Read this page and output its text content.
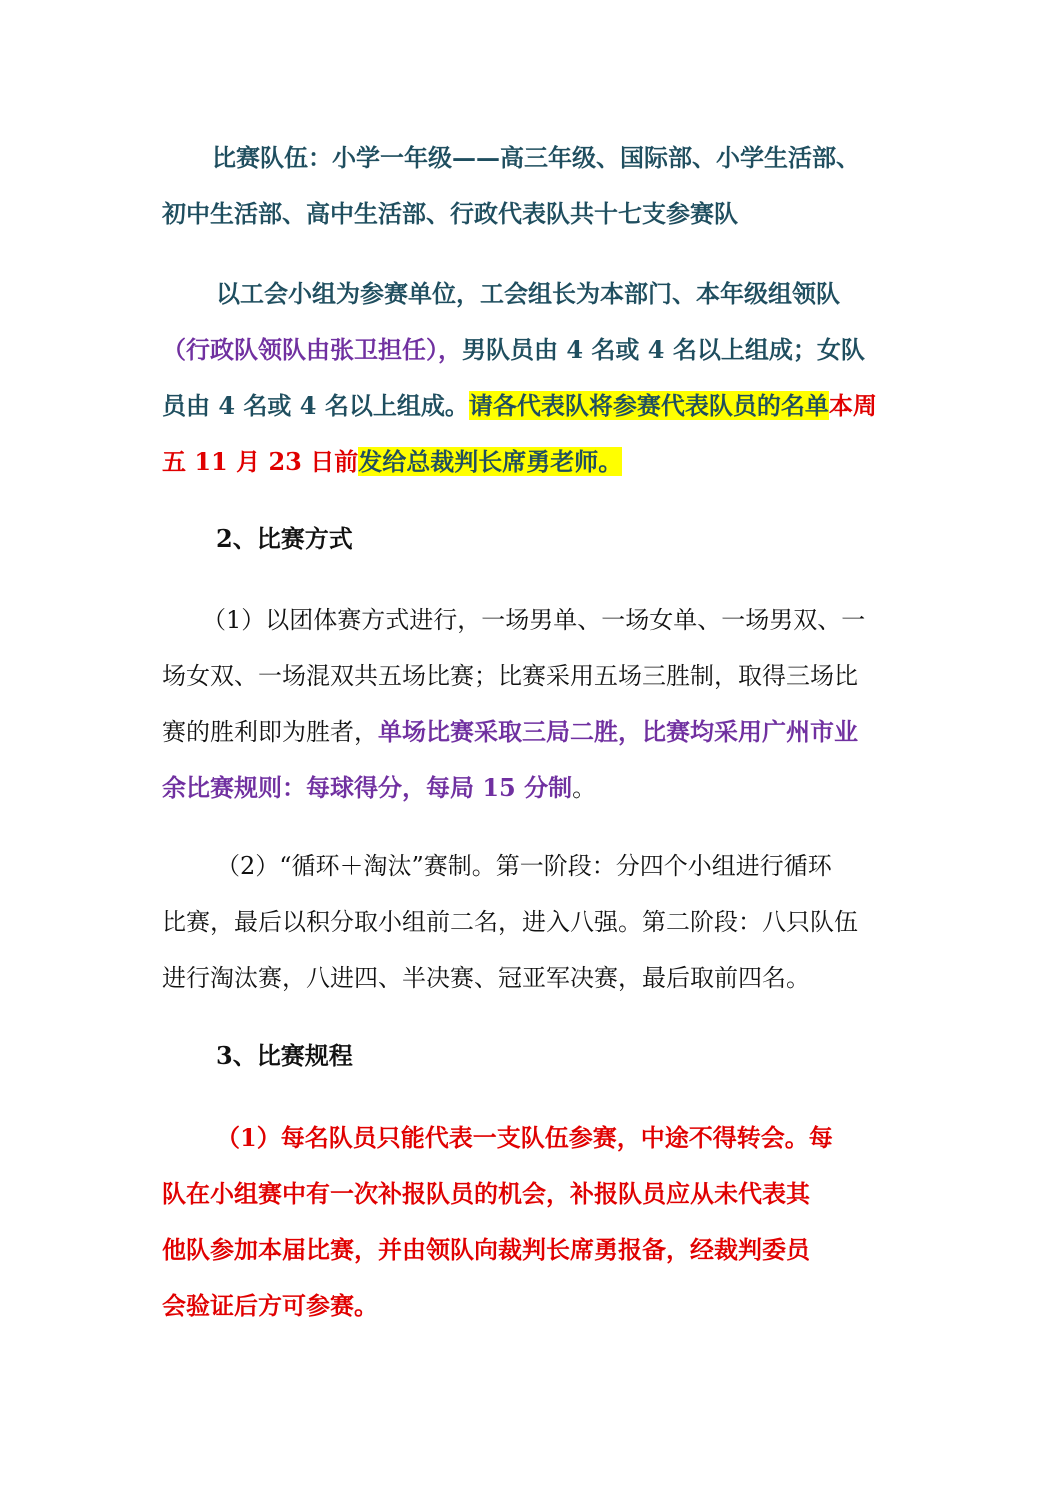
比赛队伍：小学一年级——高三年级、国际部、小学生活部、

初中生活部、高中生活部、行政代表队共十七支参赛队

以工会小组为参赛单位，工会组长为本部门、本年级组领队

（行政队领队由张卫担任），男队员由 4 名或 4 名以上组成；女队

员由 4 名或 4 名以上组成。请各代表队将参赛代表队员的名单本周

五 11 月 23 日前发给总裁判长席勇老师。

2、比赛方式

（1）以团体赛方式进行，一场男单、一场女单、一场男双、一

场女双、一场混双共五场比赛；比赛采用五场三胜制，取得三场比

赛的胜利即为胜者，单场比赛采取三局二胜，比赛均采用广州市业

余比赛规则：每球得分，每局 15 分制。

（2）“循环＋淘汰”赛制。第一阶段：分四个小组进行循环

比赛，最后以积分取小组前二名，进入八强。第二阶段：八只队伍

进行淘汰赛，八进四、半决赛、冠亚军决赛，最后取前四名。

3、比赛规程

（1）每名队员只能代表一支队伍参赛，中途不得转会。每

队在小组赛中有一次补报队员的机会，补报队员应从未代表其

他队参加本届比赛，并由领队向裁判长席勇报备，经裁判委员

会验证后方可参赛。
